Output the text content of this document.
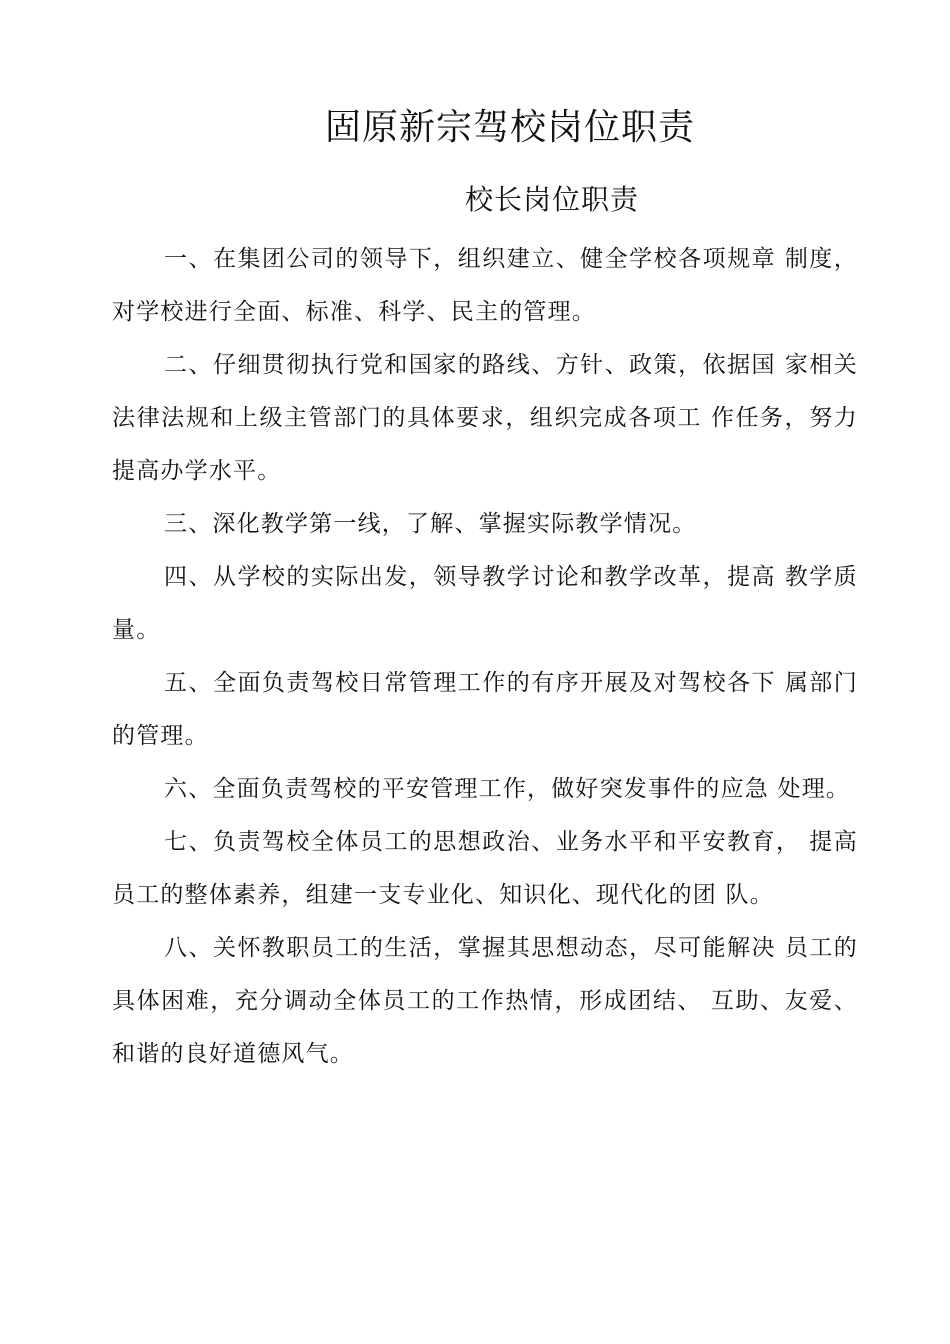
固原新宗驾校岗位职责
校长岗位职责

一、在集团公司的领导下，组织建立、健全学校各项规章 制度，对学校进行全面、标准、科学、民主的管理。

二、仔细贯彻执行党和国家的路线、方针、政策，依据国 家相关法律法规和上级主管部门的具体要求，组织完成各项工 作任务，努力提高办学水平。

三、深化教学第一线，了解、掌握实际教学情况。

四、从学校的实际出发，领导教学讨论和教学改革，提高 教学质量。

五、全面负责驾校日常管理工作的有序开展及对驾校各下 属部门的管理。

六、全面负责驾校的平安管理工作，做好突发事件的应急 处理。

七、负责驾校全体员工的思想政治、业务水平和平安教育， 提高员工的整体素养，组建一支专业化、知识化、现代化的团 队。

八、关怀教职员工的生活，掌握其思想动态，尽可能解决 员工的具体困难，充分调动全体员工的工作热情，形成团结、 互助、友爱、和谐的良好道德风气。
